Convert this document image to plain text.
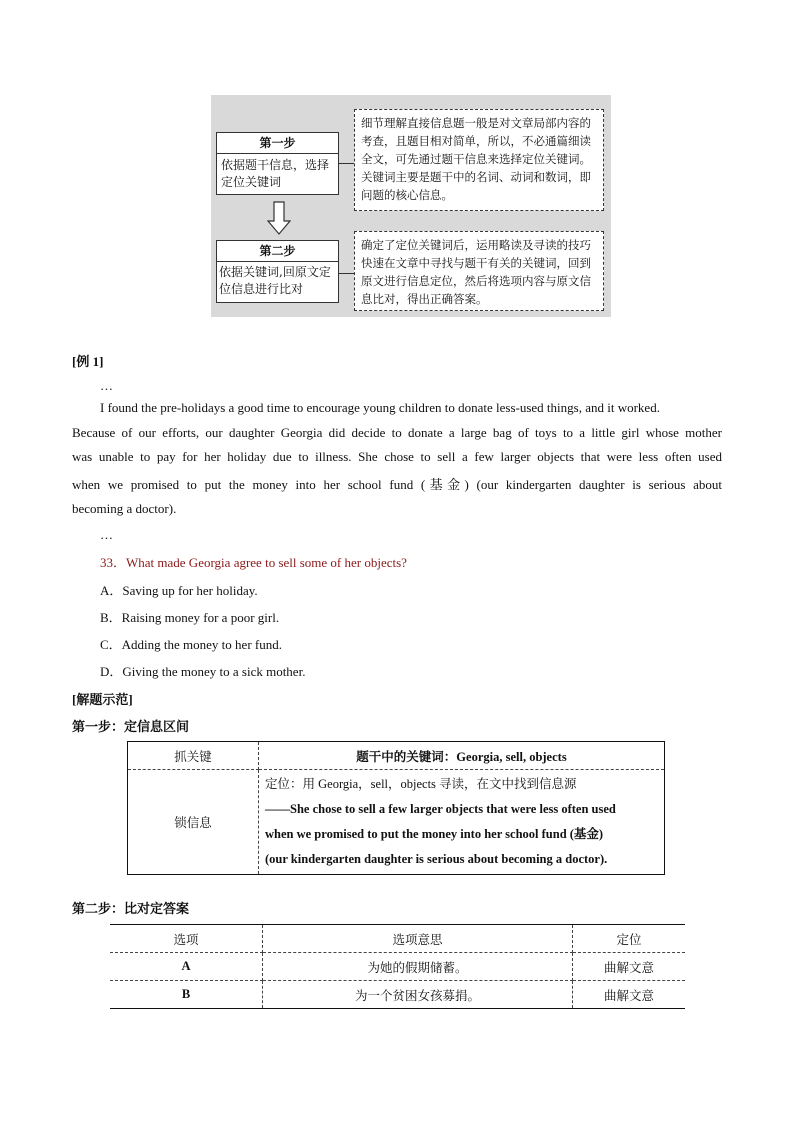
第一步
依据题干信息，选择定位关键词
细节理解直接信息题一般是对文章局部内容的考查，且题目相对简单，所以，不必通篇细读全文，可先通过题干信息来选择定位关键词。关键词主要是题干中的名词、动词和数词，即问题的核心信息。
第二步
依据关键词,回原文定位信息进行比对
确定了定位关键词后，运用略读及寻读的技巧快速在文章中寻找与题干有关的关键词，回到原文进行信息定位，然后将选项内容与原文信息比对，得出正确答案。
[例 1]
…
I found the pre-holidays a good time to encourage young children to donate less-used things, and it worked.
Because of our efforts, our daughter Georgia did decide to donate a large bag of toys to a little girl whose mother
was unable to pay for her holiday due to illness. She chose to sell a few larger objects that were less often used
when we promised to put the money into her school fund (基金) (our kindergarten daughter is serious about
becoming a doctor).
…
33．What made Georgia agree to sell some of her objects?
A．Saving up for her holiday.
B．Raising money for a poor girl.
C．Adding the money to her fund.
D．Giving the money to a sick mother.
[解题示范]
第一步：定信息区间
抓关键	题干中的关键词：Georgia, sell, objects
锁信息	定位：用 Georgia，sell，objects 寻读，在文中找到信息源
——She chose to sell a few larger objects that were less often used
when we promised to put the money into her school fund (基金)
(our kindergarten daughter is serious about becoming a doctor).
第二步：比对定答案
选项	选项意思	定位
A	为她的假期储蓄。	曲解文意
B	为一个贫困女孩募捐。	曲解文意
